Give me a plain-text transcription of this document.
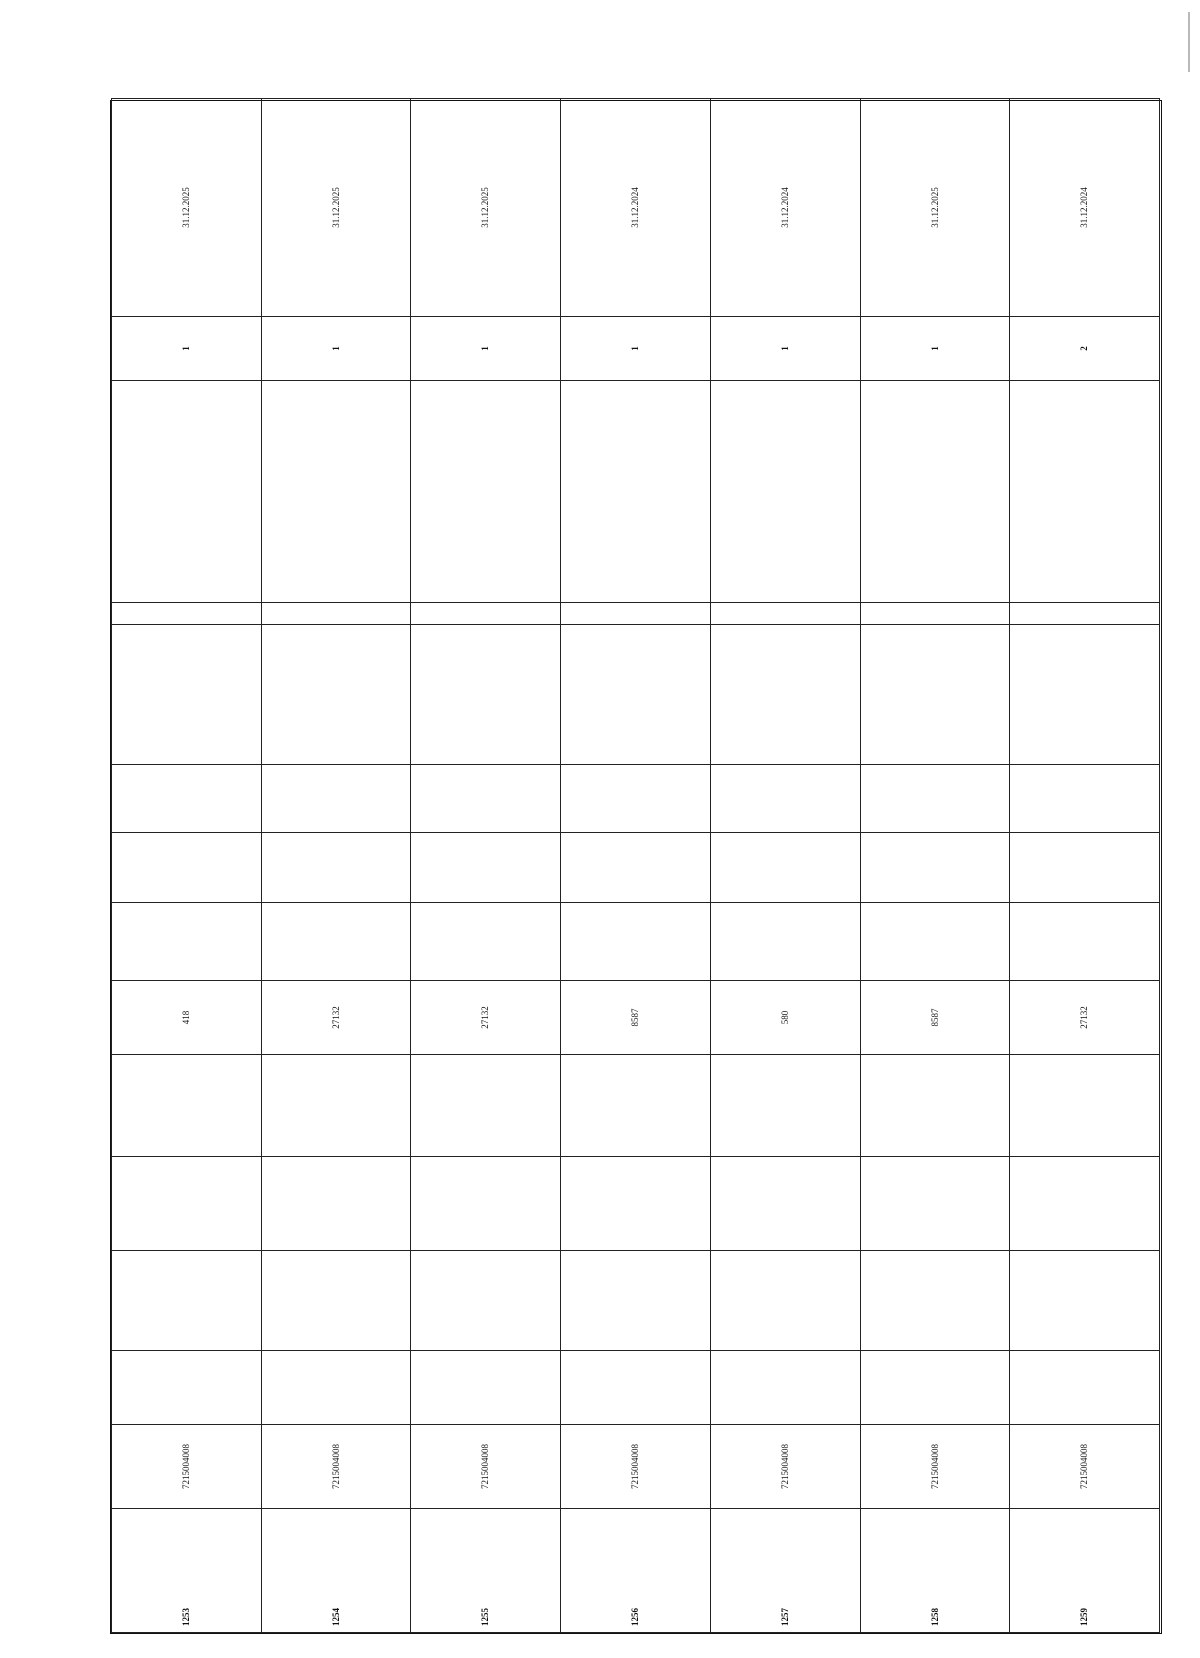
1253	7215004008					418							1	31.12.2025

1254	7215004008					27132							1	31.12.2025

1255	7215004008					27132							1	31.12.2025

1256	7215004008					8587							1	31.12.2024

1257	7215004008					580							1	31.12.2024

1258	7215004008					8587							1	31.12.2025

1259	7215004008					27132							2	31.12.2024
